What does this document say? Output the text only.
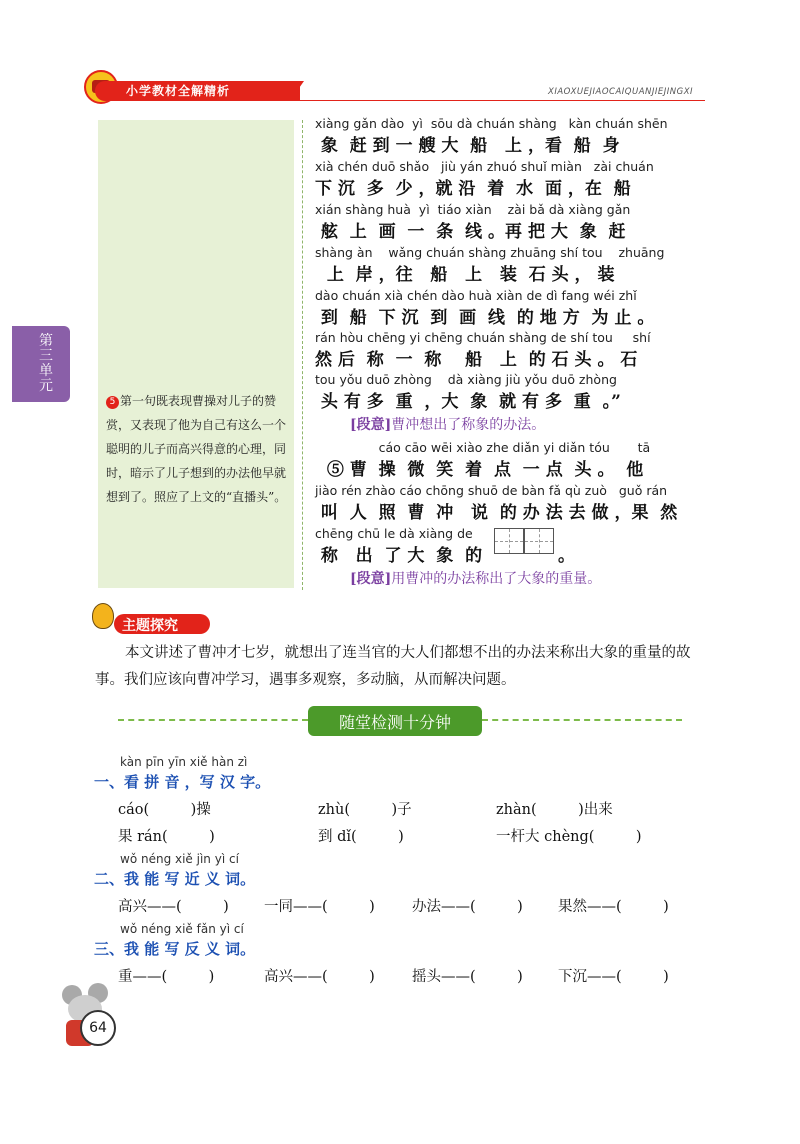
小学教材全解精析	XIAOXUEJIAOCAIQUANJIEJINGXI
第三单元
5 第一句既表现曹操对儿子的赞赏，又表现了他为自己有这么一个聪明的儿子而高兴得意的心理，同时，暗示了儿子想到的办法他早就想到了。照应了上文的“直播头”。
xiàng gǎn dào  yì  sōu dà chuán shàng   kàn chuán shēn
象  赶 到 一 艘 大  船   上 ，看  船  身
xià chén duō shǎo   jiù yán zhuó shuǐ miàn   zài chuán
下 沉  多  少 ，就 沿  着  水  面 ，在  船
xián shàng huà  yì  tiáo xiàn    zài bǎ dà xiàng gǎn
舷  上  画  一  条  线 。再 把 大  象  赶
shàng àn    wǎng chuán shàng zhuāng shí tou    zhuāng
上  岸 ，往   船   上   装  石 头 ， 装
dào chuán xià chén dào huà xiàn de dì fang wéi zhǐ
到  船  下 沉  到  画  线  的 地 方  为 止 。
rán hòu chēng yi chēng chuán shàng de shí tou     shí
然 后  称  一  称    船   上  的 石 头 。 石
tou yǒu duō zhòng    dà xiàng jiù yǒu duō zhòng
头 有 多  重  ，大  象  就 有 多  重  。”
[段意]曹冲想出了称象的办法。
cáo cāo wēi xiào zhe diǎn yi diǎn tóu       tā
⑤ 曹  操  微  笑  着  点  一 点  头 。  他
jiào rén zhào cáo chōng shuō de bàn fǎ qù zuò   guǒ rán
叫  人  照  曹  冲   说  的 办 法 去 做 ，果  然
chēng chū le dà xiàng de
称   出  了 大  象  的	。
[段意]用曹冲的办法称出了大象的重量。
主题探究
本文讲述了曹冲才七岁，就想出了连当官的大人们都想不出的办法来称出大象的重量的故事。我们应该向曹冲学习，遇事多观察，多动脑，从而解决问题。
随堂检测十分钟
kàn pīn yīn xiě hàn zì
一、看 拼 音 ，写 汉 字。
cáo(         )操	zhù(         )子	zhàn(         )出来
果 rán(         )	到 dǐ(         )	一杆大 chèng(         )
wǒ néng xiě jìn yì cí
二、我 能 写 近 义 词。
高兴——(         ) 一同——(         )	办法——(         ) 果然——(         )
wǒ néng xiě fǎn yì cí
三、我 能 写 反 义 词。
重——(         )	高兴——(         )	摇头——(         ) 下沉——(         )
64
